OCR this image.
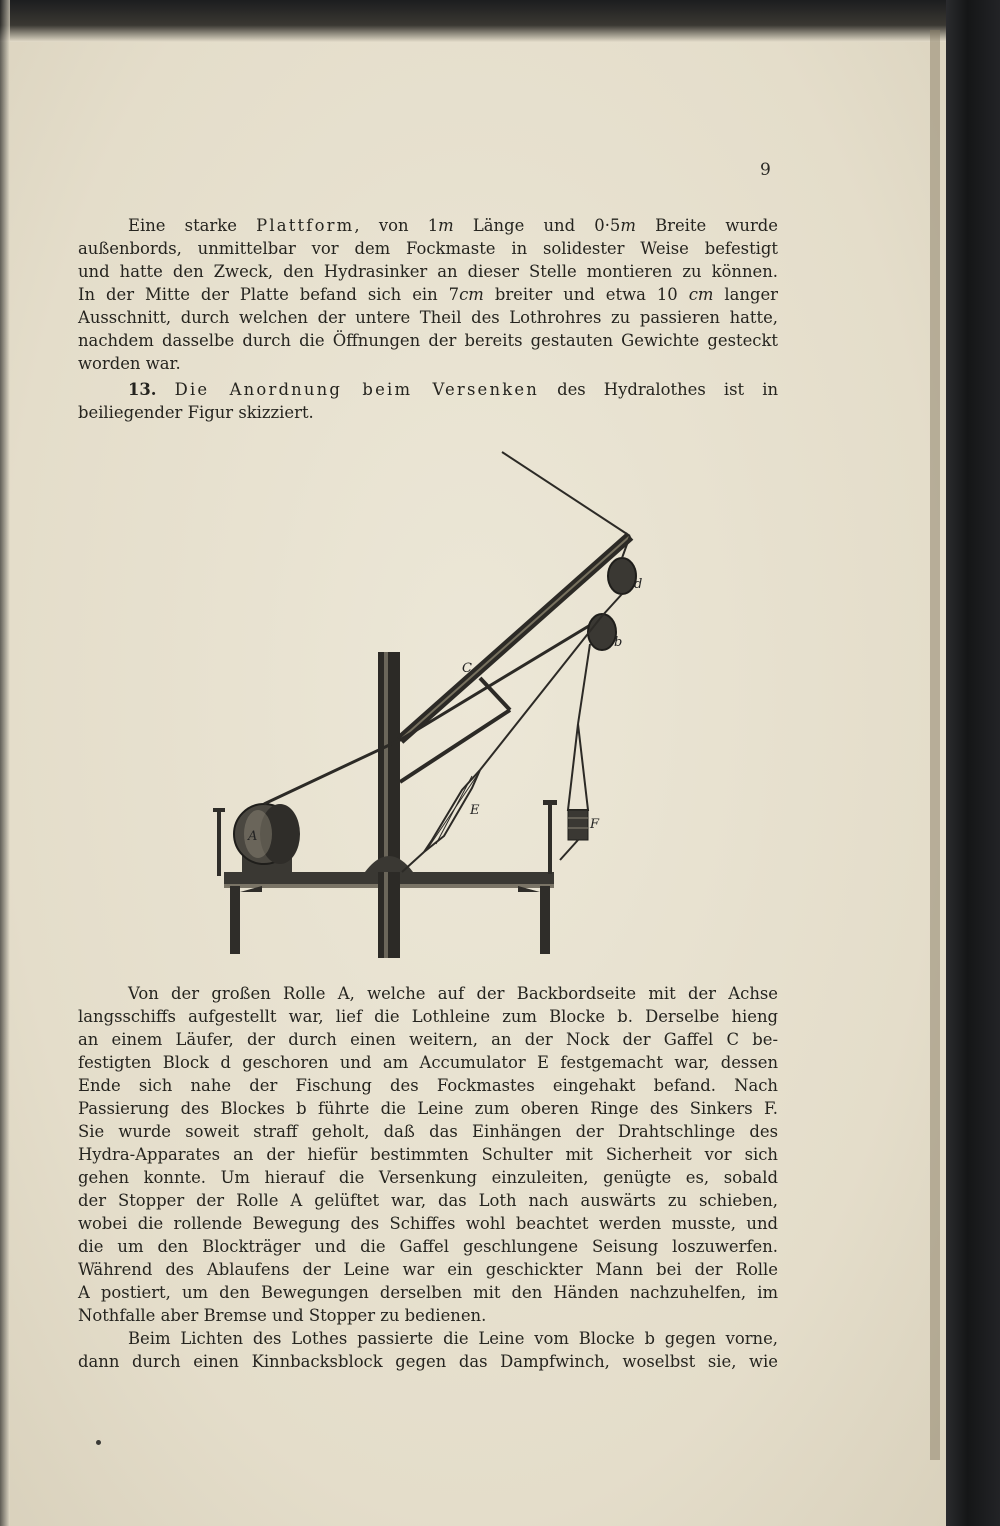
9
Eine starke Plattform, von 1m Länge und 0·5m Breite wurde
außenbords, unmittelbar vor dem Fockmaste in solidester Weise befestigt
und hatte den Zweck, den Hydrasinker an dieser Stelle montieren zu können.
In der Mitte der Platte befand sich ein 7cm breiter und etwa 10 cm langer
Ausschnitt, durch welchen der untere Theil des Lothrohres zu passieren hatte,
nachdem dasselbe durch die Öffnungen der bereits gestauten Gewichte gesteckt
worden war.
13. Die Anordnung beim Versenken des Hydralothes ist in
beiliegender Figur skizziert.
A
d
b
E
C
F
Von der großen Rolle A, welche auf der Backbordseite mit der Achse
langsschiffs aufgestellt war, lief die Lothleine zum Blocke b. Derselbe hieng
an einem Läufer, der durch einen weitern, an der Nock der Gaffel C be-
festigten Block d geschoren und am Accumulator E festgemacht war, dessen
Ende sich nahe der Fischung des Fockmastes eingehakt befand. Nach
Passierung des Blockes b führte die Leine zum oberen Ringe des Sinkers F.
Sie wurde soweit straff geholt, daß das Einhängen der Drahtschlinge des
Hydra-Apparates an der hiefür bestimmten Schulter mit Sicherheit vor sich
gehen konnte. Um hierauf die Versenkung einzuleiten, genügte es, sobald
der Stopper der Rolle A gelüftet war, das Loth nach auswärts zu schieben,
wobei die rollende Bewegung des Schiffes wohl beachtet werden musste, und
die um den Blockträger und die Gaffel geschlungene Seisung loszuwerfen.
Während des Ablaufens der Leine war ein geschickter Mann bei der Rolle
A postiert, um den Bewegungen derselben mit den Händen nachzuhelfen, im
Nothfalle aber Bremse und Stopper zu bedienen.
Beim Lichten des Lothes passierte die Leine vom Blocke b gegen vorne,
dann durch einen Kinnbacksblock gegen das Dampfwinch, woselbst sie, wie
